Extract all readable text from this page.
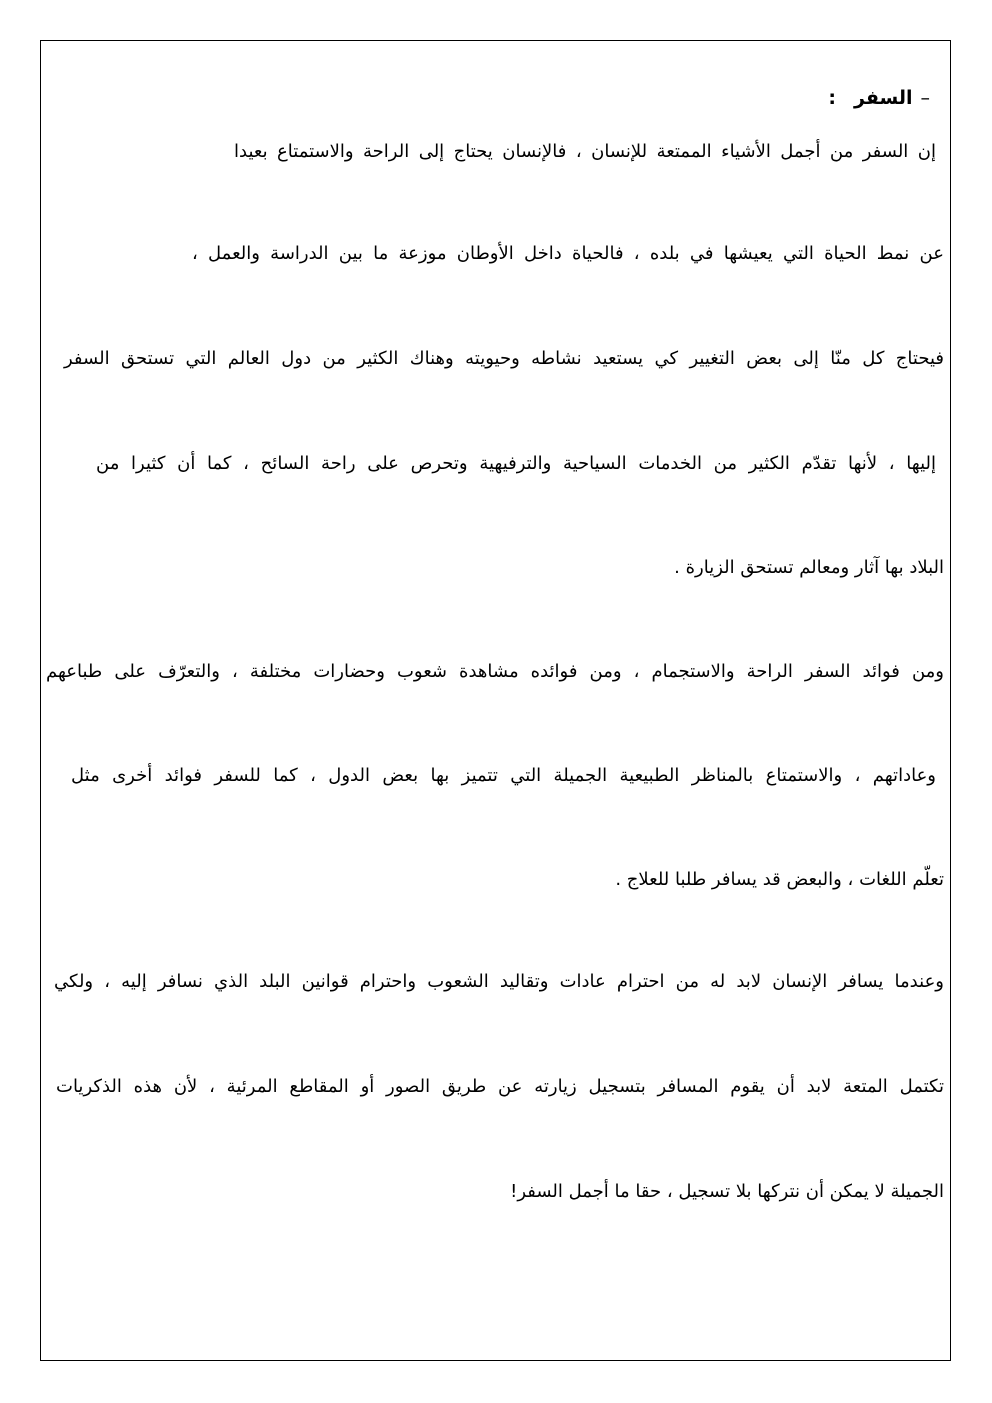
–السفر:
إن السفر من أجمل الأشياء الممتعة للإنسان ، فالإنسان يحتاج إلى الراحة والاستمتاع بعيدا
عن نمط الحياة التي يعيشها في بلده ، فالحياة داخل الأوطان موزعة ما بين الدراسة والعمل ،
فيحتاج كل منّا إلى بعض التغيير كي يستعيد نشاطه وحيويته وهناك الكثير من دول العالم التي تستحق السفر
إليها ، لأنها تقدّم الكثير من الخدمات السياحية والترفيهية وتحرص على راحة السائح ، كما أن كثيرا من
البلاد بها آثار ومعالم تستحق الزيارة .
ومن فوائد السفر الراحة والاستجمام ، ومن فوائده مشاهدة شعوب وحضارات مختلفة ، والتعرّف على طباعهم
وعاداتهم ، والاستمتاع بالمناظر الطبيعية الجميلة التي تتميز بها بعض الدول ، كما للسفر فوائد أخرى مثل
تعلّم اللغات ، والبعض قد يسافر طلبا للعلاج .
وعندما يسافر الإنسان لابد له من احترام عادات وتقاليد الشعوب واحترام قوانين البلد الذي نسافر إليه ، ولكي
تكتمل المتعة لابد أن يقوم المسافر بتسجيل زيارته عن طريق الصور أو المقاطع المرئية ، لأن هذه الذكريات
الجميلة لا يمكن أن نتركها بلا تسجيل ، حقا ما أجمل السفر!
